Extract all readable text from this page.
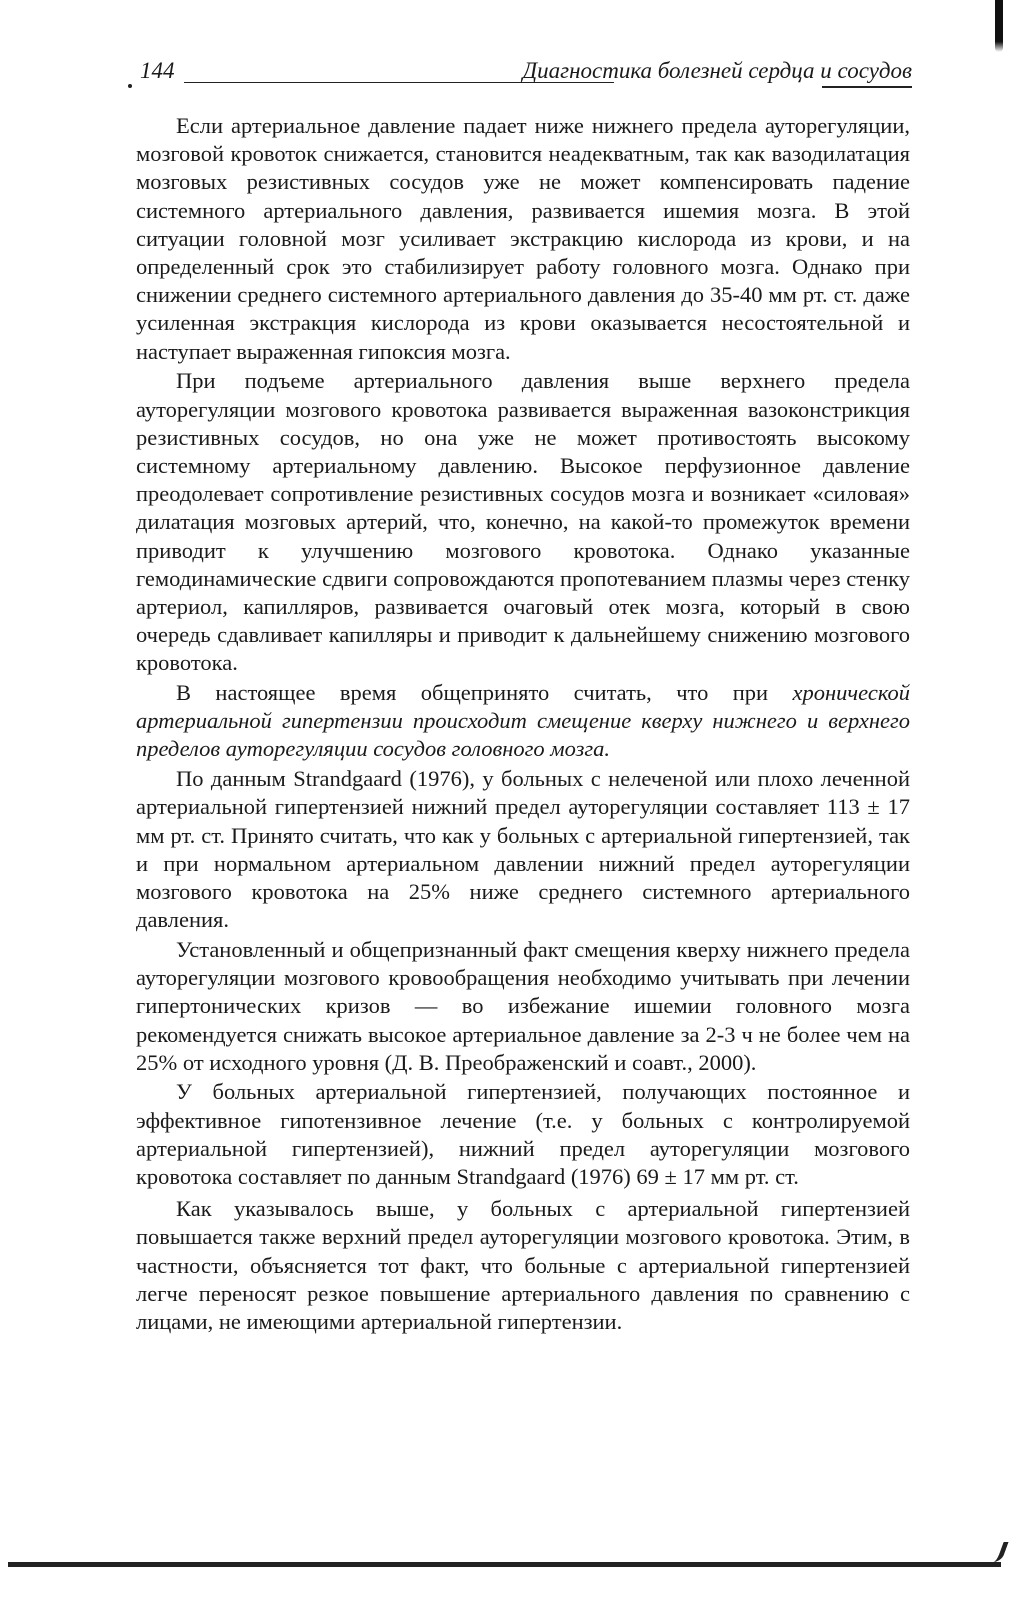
144	Диагностика болезней сердца и сосудов

Если артериальное давление падает ниже нижнего предела ауторегуляции, мозговой кровоток снижается, становится неадекватным, так как вазодилатация мозговых резистивных сосудов уже не может компенсировать падение системного артериального давления, развивается ишемия мозга. В этой ситуации головной мозг усиливает экстракцию кислорода из крови, и на определенный срок это стабилизирует работу головного мозга. Однако при снижении среднего системного артериального давления до 35-40 мм рт. ст. даже усиленная экстракция кислорода из крови оказывается несостоятельной и наступает выраженная гипоксия мозга.

При подъеме артериального давления выше верхнего предела ауторегуляции мозгового кровотока развивается выраженная вазоконстрикция резистивных сосудов, но она уже не может противостоять высокому системному артериальному давлению. Высокое перфузионное давление преодолевает сопротивление резистивных сосудов мозга и возникает «силовая» дилатация мозговых артерий, что, конечно, на какой-то промежуток времени приводит к улучшению мозгового кровотока. Однако указанные гемодинамические сдвиги сопровождаются пропотеванием плазмы через стенку артериол, капилляров, развивается очаговый отек мозга, который в свою очередь сдавливает капилляры и приводит к дальнейшему снижению мозгового кровотока.

В настоящее время общепринято считать, что при хронической артериальной гипертензии происходит смещение кверху нижнего и верхнего пределов ауторегуляции сосудов головного мозга.

По данным Strandgaard (1976), у больных с нелеченой или плохо леченной артериальной гипертензией нижний предел ауторегуляции составляет 113 ± 17 мм рт. ст. Принято считать, что как у больных с артериальной гипертензией, так и при нормальном артериальном давлении нижний предел ауторегуляции мозгового кровотока на 25% ниже среднего системного артериального давления.

Установленный и общепризнанный факт смещения кверху нижнего предела ауторегуляции мозгового кровообращения необходимо учитывать при лечении гипертонических кризов — во избежание ишемии головного мозга рекомендуется снижать высокое артериальное давление за 2-3 ч не более чем на 25% от исходного уровня (Д. В. Преображенский и соавт., 2000).

У больных артериальной гипертензией, получающих постоянное и эффективное гипотензивное лечение (т.е. у больных с контролируемой артериальной гипертензией), нижний предел ауторегуляции мозгового кровотока составляет по данным Strandgaard (1976) 69 ± 17 мм рт. ст.

Как указывалось выше, у больных с артериальной гипертензией повышается также верхний предел ауторегуляции мозгового кровотока. Этим, в частности, объясняется тот факт, что больные с артериальной гипертензией легче переносят резкое повышение артериального давления по сравнению с лицами, не имеющими артериальной гипертензии.
